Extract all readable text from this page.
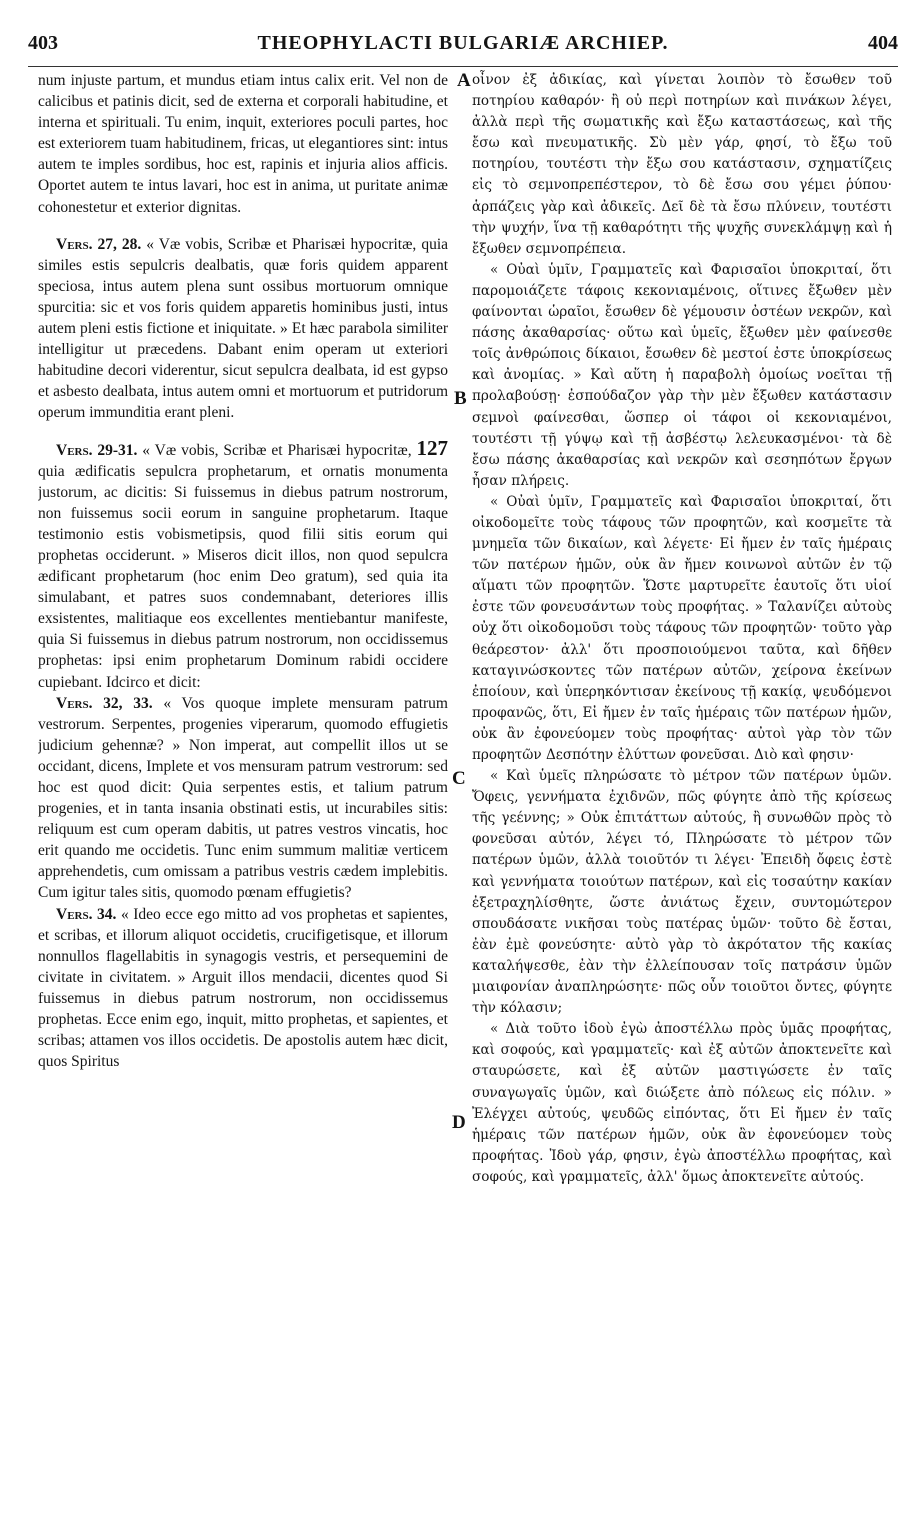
403	THEOPHYLACTI BULGARIÆ ARCHIEP.	404

num injuste partum, et mundus etiam intus calix erit. Vel non de calicibus et patinis dicit, sed de externa et corporali habitudine, et interna et spirituali. Tu enim, inquit, exteriores poculi partes, hoc est exteriorem tuam habitudinem, fricas, ut elegantiores sint: intus autem te imples sordibus, hoc est, rapinis et injuria alios afficis. Oportet autem te intus lavari, hoc est in anima, ut puritate animæ cohonestetur et exterior dignitas.

Vers. 27, 28. « Væ vobis, Scribæ et Pharisæi hypocritæ, quia similes estis sepulcris dealbatis, quæ foris quidem apparent speciosa, intus autem plena sunt ossibus mortuorum omnique spurcitia: sic et vos foris quidem apparetis hominibus justi, intus autem pleni estis fictione et iniquitate. » Et hæc parabola similiter intelligitur ut præcedens. Dabant enim operam ut exteriori habitudine decori viderentur, sicut sepulcra dealbata, id est gypso et asbesto dealbata, intus autem omni et mortuorum et putridorum operum immunditia erant pleni.

Vers. 29-31. « Væ vobis, Scribæ et Pharisæi hypocritæ, 127 quia ædificatis sepulcra prophetarum, et ornatis monumenta justorum, ac dicitis: Si fuissemus in diebus patrum nostrorum, non fuissemus socii eorum in sanguine prophetarum. Itaque testimonio estis vobismetipsis, quod filii sitis eorum qui prophetas occiderunt. » Miseros dicit illos, non quod sepulcra ædificant prophetarum (hoc enim Deo gratum), sed quia ita simulabant, et patres suos condemnabant, deteriores illis exsistentes, malitiaque eos excellentes mentiebantur manifeste, quia Si fuissemus in diebus patrum nostrorum, non occidissemus prophetas: ipsi enim prophetarum Dominum rabidi occidere cupiebant. Idcirco et dicit:

Vers. 32, 33. « Vos quoque implete mensuram patrum vestrorum. Serpentes, progenies viperarum, quomodo effugietis judicium gehennæ? » Non imperat, aut compellit illos ut se occidant, dicens, Implete et vos mensuram patrum vestrorum: sed hoc est quod dicit: Quia serpentes estis, et talium patrum progenies, et in tanta insania obstinati estis, ut incurabiles sitis: reliquum est cum operam dabitis, ut patres vestros vincatis, hoc erit quando me occidetis. Tunc enim summum malitiæ verticem apprehendetis, cum omissam a patribus vestris cædem implebitis. Cum igitur tales sitis, quomodo pœnam effugietis?

Vers. 34. « Ideo ecce ego mitto ad vos prophetas et sapientes, et scribas, et illorum aliquot occidetis, crucifigetisque, et illorum nonnullos flagellabitis in synagogis vestris, et persequemini de civitate in civitatem. » Arguit illos mendacii, dicentes quod Si fuissemus in diebus patrum nostrorum, non occidissemus prophetas. Ecce enim ego, inquit, mitto prophetas, et sapientes, et scribas; attamen vos illos occidetis. De apostolis autem hæc dicit, quos Spiritus

A
B
C
D

οἶνον ἐξ ἀδικίας, καὶ γίνεται λοιπὸν τὸ ἔσωθεν τοῦ ποτηρίου καθαρόν· ἢ οὐ περὶ ποτηρίων καὶ πινάκων λέγει, ἀλλὰ περὶ τῆς σωματικῆς καὶ ἔξω καταστάσεως, καὶ τῆς ἔσω καὶ πνευματικῆς. Σὺ μὲν γάρ, φησί, τὸ ἔξω τοῦ ποτηρίου, τουτέστι τὴν ἔξω σου κατάστασιν, σχηματίζεις εἰς τὸ σεμνοπρεπέστερον, τὸ δὲ ἔσω σου γέμει ῥύπου· ἁρπάζεις γὰρ καὶ ἀδικεῖς. Δεῖ δὲ τὰ ἔσω πλύνειν, τουτέστι τὴν ψυχήν, ἵνα τῇ καθαρότητι τῆς ψυχῆς συνεκλάμψῃ καὶ ἡ ἔξωθεν σεμνοπρέπεια.

« Οὐαὶ ὑμῖν, Γραμματεῖς καὶ Φαρισαῖοι ὑποκριταί, ὅτι παρομοιάζετε τάφοις κεκονιαμένοις, οἵτινες ἔξωθεν μὲν φαίνονται ὡραῖοι, ἔσωθεν δὲ γέμουσιν ὀστέων νεκρῶν, καὶ πάσης ἀκαθαρσίας· οὕτω καὶ ὑμεῖς, ἔξωθεν μὲν φαίνεσθε τοῖς ἀνθρώποις δίκαιοι, ἔσωθεν δὲ μεστοί ἐστε ὑποκρίσεως καὶ ἀνομίας. » Καὶ αὕτη ἡ παραβολὴ ὁμοίως νοεῖται τῇ προλαβούσῃ· ἐσπούδαζον γὰρ τὴν μὲν ἔξωθεν κατάστασιν σεμνοὶ φαίνεσθαι, ὥσπερ οἱ τάφοι οἱ κεκονιαμένοι, τουτέστι τῇ γύψῳ καὶ τῇ ἀσβέστῳ λελευκασμένοι· τὰ δὲ ἔσω πάσης ἀκαθαρσίας καὶ νεκρῶν καὶ σεσηπότων ἔργων ἦσαν πλήρεις.

« Οὐαὶ ὑμῖν, Γραμματεῖς καὶ Φαρισαῖοι ὑποκριταί, ὅτι οἰκοδομεῖτε τοὺς τάφους τῶν προφητῶν, καὶ κοσμεῖτε τὰ μνημεῖα τῶν δικαίων, καὶ λέγετε· Εἰ ἤμεν ἐν ταῖς ἡμέραις τῶν πατέρων ἡμῶν, οὐκ ἂν ἤμεν κοινωνοὶ αὐτῶν ἐν τῷ αἵματι τῶν προφητῶν. Ὥστε μαρτυρεῖτε ἑαυτοῖς ὅτι υἱοί ἐστε τῶν φονευσάντων τοὺς προφήτας. » Ταλανίζει αὐτοὺς οὐχ ὅτι οἰκοδομοῦσι τοὺς τάφους τῶν προφητῶν· τοῦτο γὰρ θεάρεστον· ἀλλ' ὅτι προσποιούμενοι ταῦτα, καὶ δῆθεν καταγινώσκοντες τῶν πατέρων αὐτῶν, χείρονα ἐκείνων ἐποίουν, καὶ ὑπερηκόντισαν ἐκείνους τῇ κακίᾳ, ψευδόμενοι προφανῶς, ὅτι, Εἰ ἤμεν ἐν ταῖς ἡμέραις τῶν πατέρων ἡμῶν, οὐκ ἂν ἐφονεύομεν τοὺς προφήτας· αὐτοὶ γὰρ τὸν τῶν προφητῶν Δεσπότην ἐλύττων φονεῦσαι. Διὸ καὶ φησιν·

« Καὶ ὑμεῖς πληρώσατε τὸ μέτρον τῶν πατέρων ὑμῶν. Ὄφεις, γεννήματα ἐχιδνῶν, πῶς φύγητε ἀπὸ τῆς κρίσεως τῆς γεέννης; » Οὐκ ἐπιτάττων αὐτούς, ἢ συνωθῶν πρὸς τὸ φονεῦσαι αὐτόν, λέγει τό, Πληρώσατε τὸ μέτρον τῶν πατέρων ὑμῶν, ἀλλὰ τοιοῦτόν τι λέγει· Ἐπειδὴ ὄφεις ἐστὲ καὶ γεννήματα τοιούτων πατέρων, καὶ εἰς τοσαύτην κακίαν ἐξετραχηλίσθητε, ὥστε ἀνιάτως ἔχειν, συντομώτερον σπουδάσατε νικῆσαι τοὺς πατέρας ὑμῶν· τοῦτο δὲ ἔσται, ἐὰν ἐμὲ φονεύσητε· αὐτὸ γὰρ τὸ ἀκρότατον τῆς κακίας καταλήψεσθε, ἐὰν τὴν ἐλλείπουσαν τοῖς πατράσιν ὑμῶν μιαιφονίαν ἀναπληρώσητε· πῶς οὖν τοιοῦτοι ὄντες, φύγητε τὴν κόλασιν;

« Διὰ τοῦτο ἰδοὺ ἐγὼ ἀποστέλλω πρὸς ὑμᾶς προφήτας, καὶ σοφούς, καὶ γραμματεῖς· καὶ ἐξ αὐτῶν ἀποκτενεῖτε καὶ σταυρώσετε, καὶ ἐξ αὐτῶν μαστιγώσετε ἐν ταῖς συναγωγαῖς ὑμῶν, καὶ διώξετε ἀπὸ πόλεως εἰς πόλιν. » Ἐλέγχει αὐτούς, ψευδῶς εἰπόντας, ὅτι Εἰ ἤμεν ἐν ταῖς ἡμέραις τῶν πατέρων ἡμῶν, οὐκ ἂν ἐφονεύομεν τοὺς προφήτας. Ἰδοὺ γάρ, φησιν, ἐγὼ ἀποστέλλω προφήτας, καὶ σοφούς, καὶ γραμματεῖς, ἀλλ' ὅμως ἀποκτενεῖτε αὐτούς.
